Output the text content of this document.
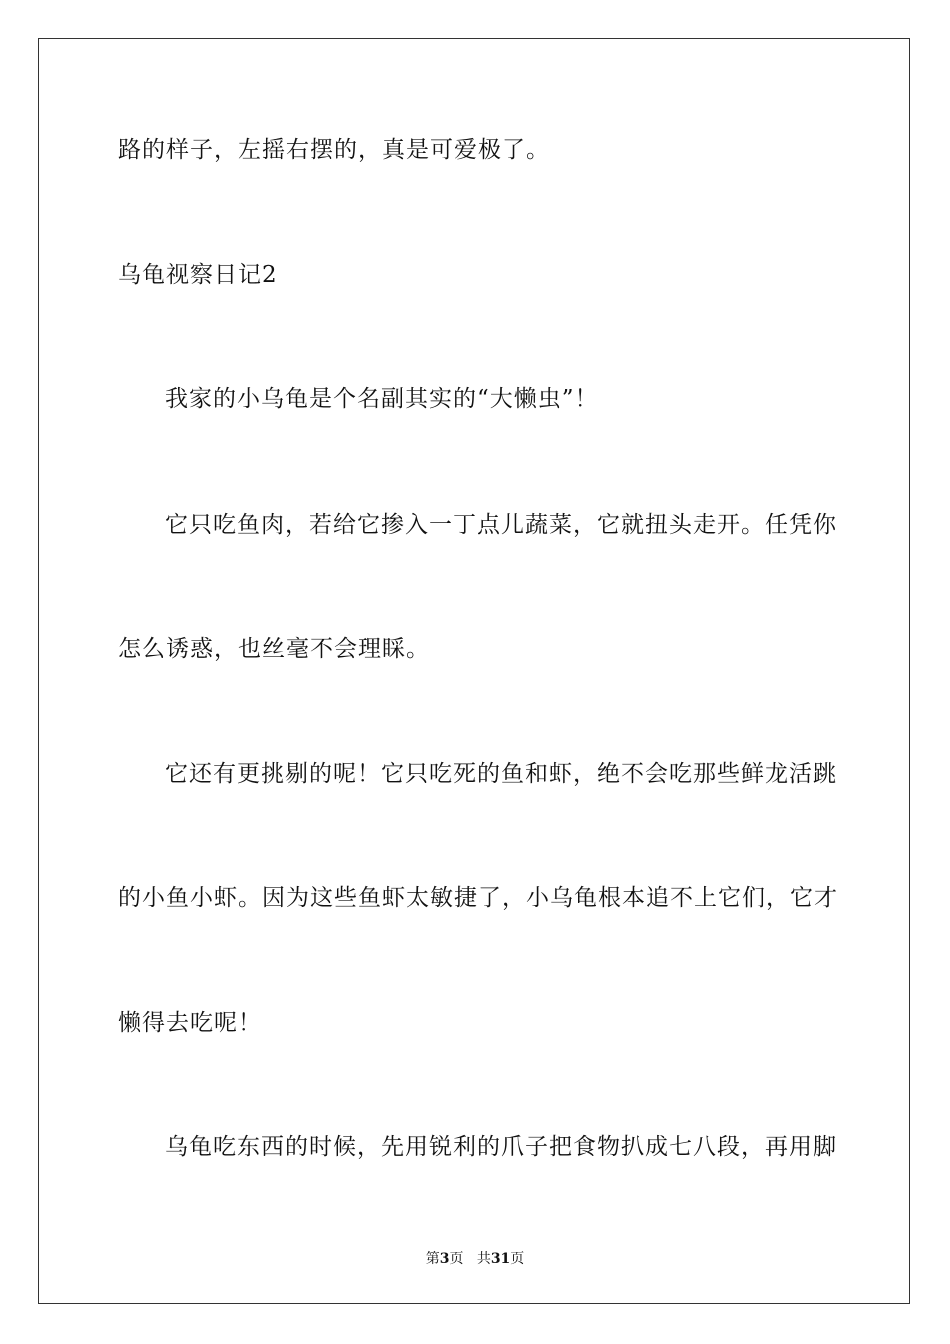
路的样子，左摇右摆的，真是可爱极了。
乌龟视察日记2
我家的小乌龟是个名副其实的“大懒虫”！
它只吃鱼肉，若给它掺入一丁点儿蔬菜，它就扭头走开。任凭你
怎么诱惑，也丝毫不会理睬。
它还有更挑剔的呢！它只吃死的鱼和虾，绝不会吃那些鲜龙活跳
的小鱼小虾。因为这些鱼虾太敏捷了，小乌龟根本追不上它们，它才
懒得去吃呢！
乌龟吃东西的时候，先用锐利的爪子把食物扒成七八段，再用脚
第3页 共31页
